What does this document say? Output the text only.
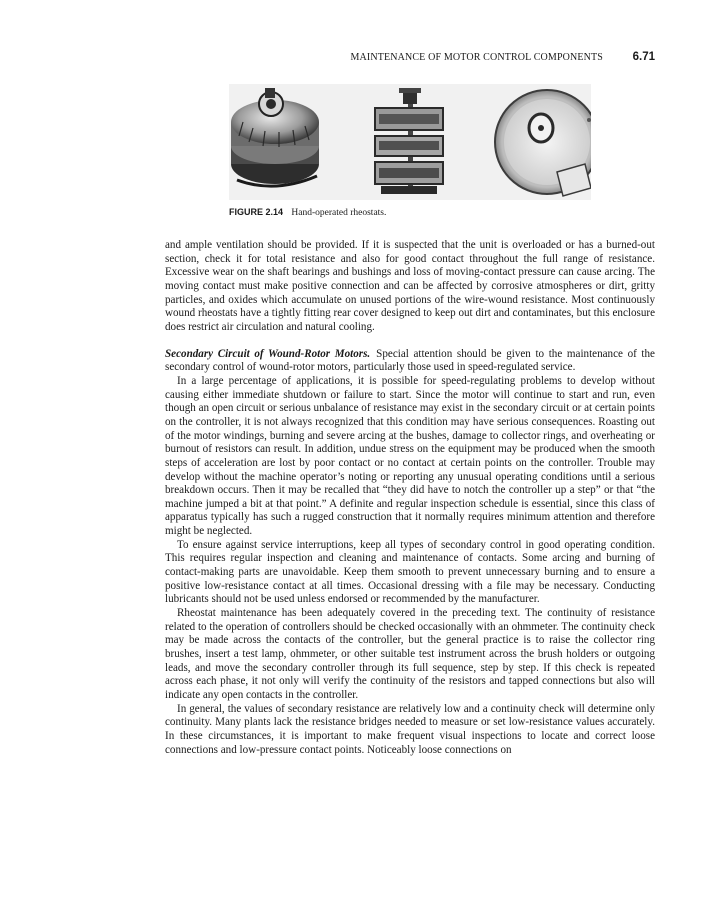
MAINTENANCE OF MOTOR CONTROL COMPONENTS	6.71
FIGURE 2.14 Hand-operated rheostats.

and ample ventilation should be provided. If it is suspected that the unit is overloaded or has a burned-out section, check it for total resistance and also for good contact throughout the full range of resistance. Excessive wear on the shaft bearings and bushings and loss of moving-contact pressure can cause arcing. The moving contact must make positive connection and can be affected by corrosive atmospheres or dirt, gritty particles, and oxides which accumulate on unused portions of the wire-wound resistance. Most continuously wound rheostats have a tightly fitting rear cover designed to keep out dirt and contaminates, but this enclosure does restrict air circulation and natural cooling.

Secondary Circuit of Wound-Rotor Motors. Special attention should be given to the maintenance of the secondary control of wound-rotor motors, particularly those used in speed-regulated service.

In a large percentage of applications, it is possible for speed-regulating problems to develop without causing either immediate shutdown or failure to start. Since the motor will continue to start and run, even though an open circuit or serious unbalance of resistance may exist in the secondary circuit or at certain points on the controller, it is not always recognized that this condition may have serious consequences. Roasting out of the motor windings, burning and severe arcing at the bushes, damage to collector rings, and overheating or burnout of resistors can result. In addition, undue stress on the equipment may be produced when the smooth steps of acceleration are lost by poor contact or no contact at certain points on the controller. Trouble may develop without the machine operator’s noting or reporting any unusual operating conditions until a serious breakdown occurs. Then it may be recalled that “they did have to notch the controller up a step” or that “the machine jumped a bit at that point.” A definite and regular inspection schedule is essential, since this class of apparatus typically has such a rugged construction that it normally requires minimum attention and therefore might be neglected.

To ensure against service interruptions, keep all types of secondary control in good operating condition. This requires regular inspection and cleaning and maintenance of contacts. Some arcing and burning of contact-making parts are unavoidable. Keep them smooth to prevent unnecessary burning and to ensure a positive low-resistance contact at all times. Occasional dressing with a file may be necessary. Conducting lubricants should not be used unless endorsed or recommended by the manufacturer.

Rheostat maintenance has been adequately covered in the preceding text. The continuity of resistance related to the operation of controllers should be checked occasionally with an ohmmeter. The continuity check may be made across the contacts of the controller, but the general practice is to raise the collector ring brushes, insert a test lamp, ohmmeter, or other suitable test instrument across the brush holders or outgoing leads, and move the secondary controller through its full sequence, step by step. If this check is repeated across each phase, it not only will verify the continuity of the resistors and tapped connections but also will indicate any open contacts in the controller.

In general, the values of secondary resistance are relatively low and a continuity check will determine only continuity. Many plants lack the resistance bridges needed to measure or set low-resistance values accurately. In these circumstances, it is important to make frequent visual inspections to locate and correct loose connections and low-pressure contact points. Noticeably loose connections on
